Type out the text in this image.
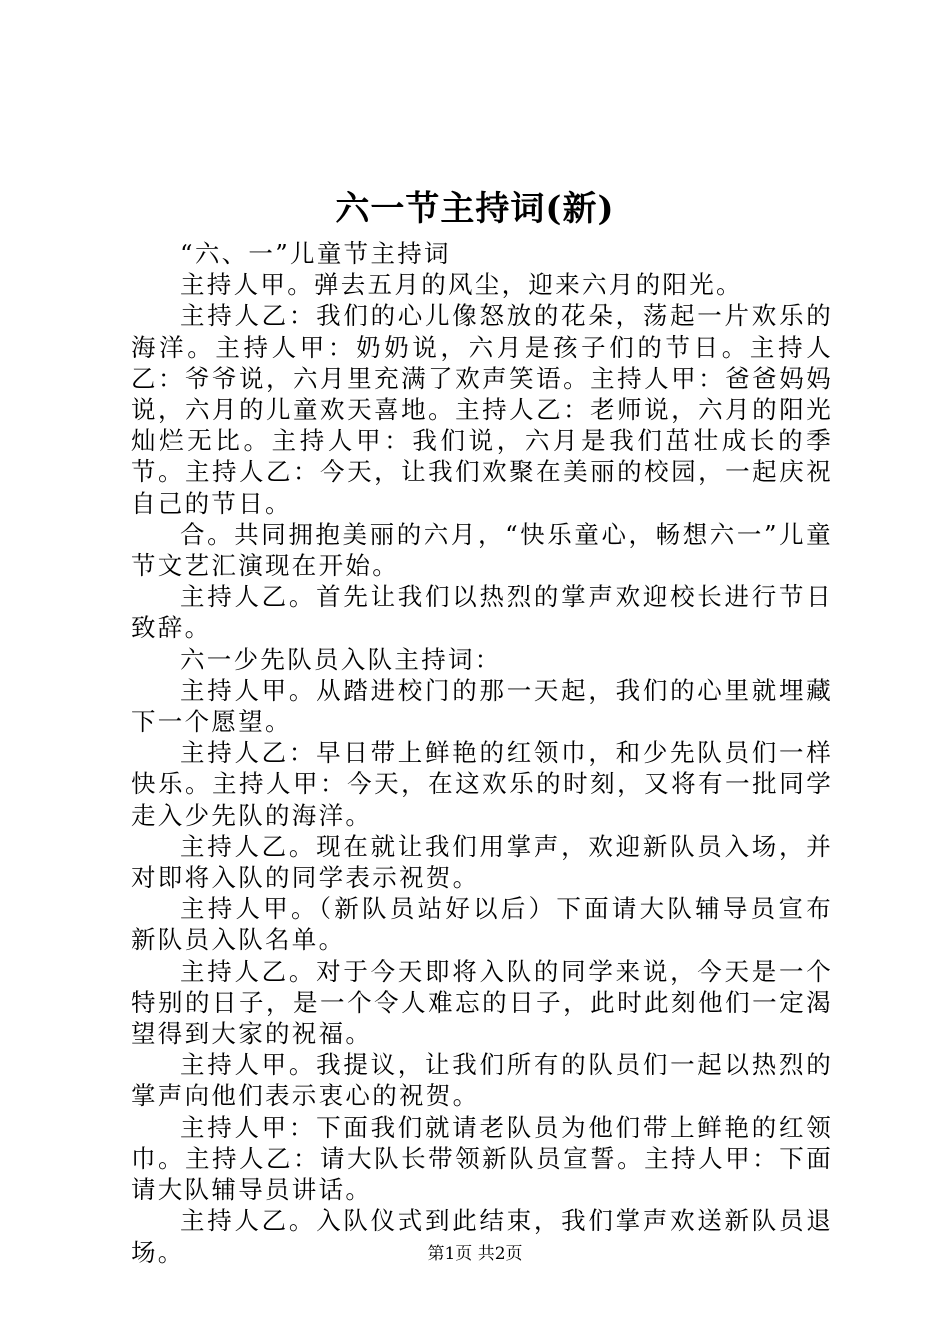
六一节主持词(新)

“六、一”儿童节主持词

主持人甲。弹去五月的风尘，迎来六月的阳光。

主持人乙：我们的心儿像怒放的花朵，荡起一片欢乐的海洋。主持人甲：奶奶说，六月是孩子们的节日。主持人乙：爷爷说，六月里充满了欢声笑语。主持人甲：爸爸妈妈说，六月的儿童欢天喜地。主持人乙：老师说，六月的阳光灿烂无比。主持人甲：我们说，六月是我们茁壮成长的季节。主持人乙：今天，让我们欢聚在美丽的校园，一起庆祝自己的节日。

合。共同拥抱美丽的六月，“快乐童心，畅想六一”儿童节文艺汇演现在开始。

主持人乙。首先让我们以热烈的掌声欢迎校长进行节日致辞。

六一少先队员入队主持词：

主持人甲。从踏进校门的那一天起，我们的心里就埋藏下一个愿望。

主持人乙：早日带上鲜艳的红领巾，和少先队员们一样快乐。主持人甲：今天，在这欢乐的时刻，又将有一批同学走入少先队的海洋。

主持人乙。现在就让我们用掌声，欢迎新队员入场，并对即将入队的同学表示祝贺。

主持人甲。（新队员站好以后）下面请大队辅导员宣布新队员入队名单。

主持人乙。对于今天即将入队的同学来说，今天是一个特别的日子，是一个令人难忘的日子，此时此刻他们一定渴望得到大家的祝福。

主持人甲。我提议，让我们所有的队员们一起以热烈的掌声向他们表示衷心的祝贺。

主持人甲：下面我们就请老队员为他们带上鲜艳的红领巾。主持人乙：请大队长带领新队员宣誓。主持人甲：下面请大队辅导员讲话。

主持人乙。入队仪式到此结束，我们掌声欢送新队员退场。	第1页 共2页
